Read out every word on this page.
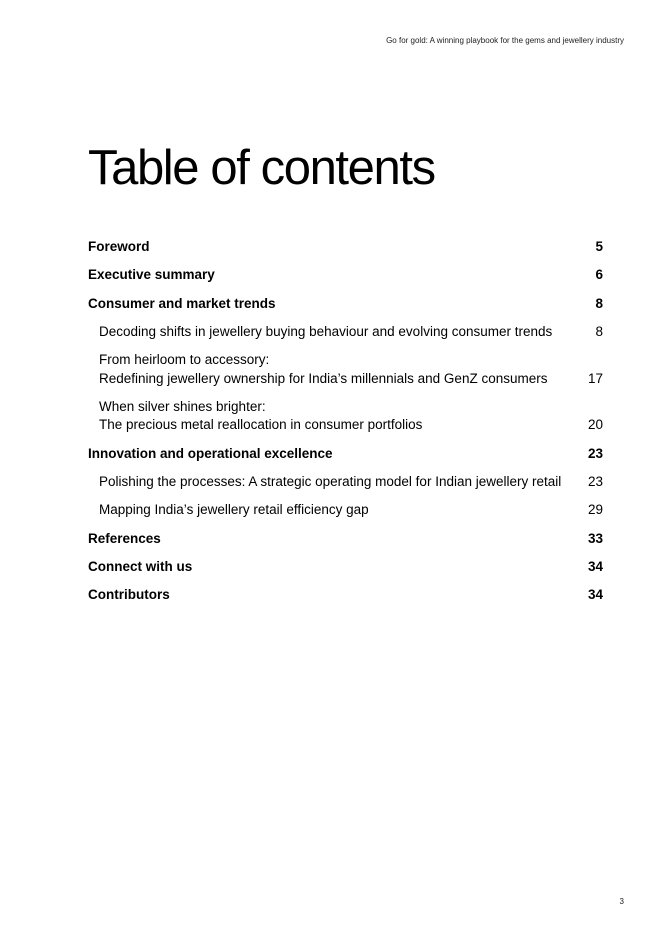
Go for gold: A winning playbook for the gems and jewellery industry
Table of contents
Foreword	5
Executive summary	6
Consumer and market trends	8
Decoding shifts in jewellery buying behaviour and evolving consumer trends	8
From heirloom to accessory:
Redefining jewellery ownership for India’s millennials and GenZ consumers	17
When silver shines brighter:
The precious metal reallocation in consumer portfolios	20
Innovation and operational excellence	23
Polishing the processes: A strategic operating model for Indian jewellery retail 23
Mapping India’s jewellery retail efficiency gap	29
References	33
Connect with us	34
Contributors	34
3
